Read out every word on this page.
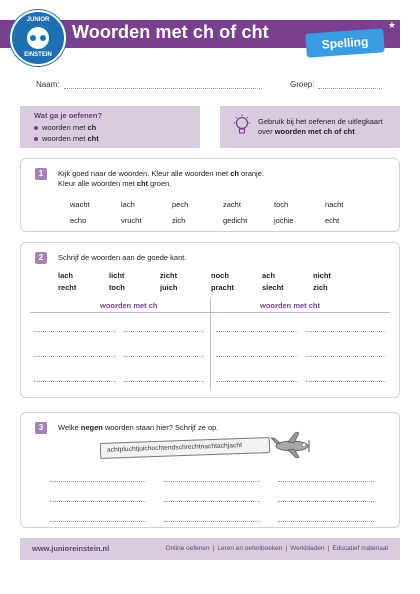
JUNIOR
EINSTEIN
Woorden met ch of cht	★
Spelling
Naam:	Groep:
Wat ga je oefenen?
woorden met ch
woorden met cht
Gebruik bij het oefenen de uitlegkaart over woorden met ch of cht
1	Kijk goed naar de woorden. Kleur alle woorden met ch oranje.
Kleur alle woorden met cht groen.
wacht	lach	pech	zacht	toch	nacht
echo	vrucht	zich	gedicht	jochie	echt
2	Schrijf de woorden aan de goede kant.
lach	licht	zicht	noch	ach	nicht
recht	toch	juich	pracht	slecht	zich
woorden met ch	woorden met cht
3	Welke negen woorden staan hier? Schrijf ze op.
achtpluchtjuichochtendschrechtnachtachjacht
www.junioreinstein.nl	Online oefenen | Leren en oefenboeken | Werkbladen | Educatief materiaal
